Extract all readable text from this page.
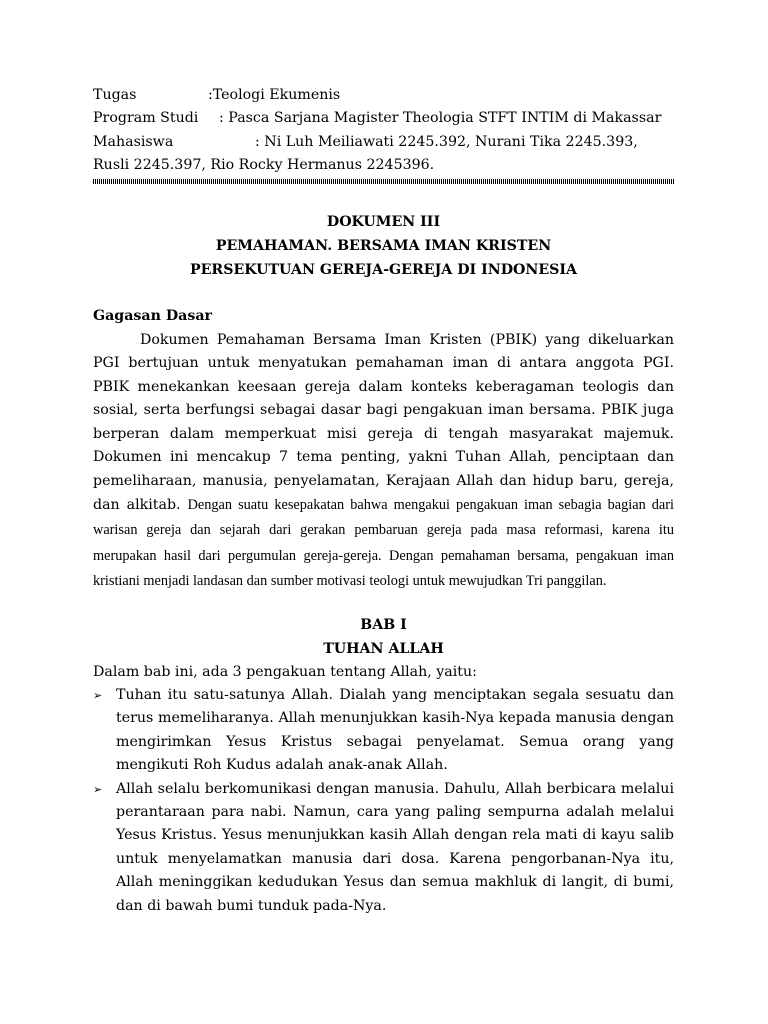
Tugas	:Teologi Ekumenis
Program Studi : Pasca Sarjana Magister Theologia STFT INTIM di Makassar
Mahasiswa	: Ni Luh Meiliawati 2245.392, Nurani Tika 2245.393,
Rusli 2245.397, Rio Rocky Hermanus 2245396.
DOKUMEN III
PEMAHAMAN. BERSAMA IMAN KRISTEN
PERSEKUTUAN GEREJA-GEREJA DI INDONESIA
Gagasan Dasar

Dokumen Pemahaman Bersama Iman Kristen (PBIK) yang dikeluarkan PGI bertujuan untuk menyatukan pemahaman iman di antara anggota PGI. PBIK menekankan keesaan gereja dalam konteks keberagaman teologis dan sosial, serta berfungsi sebagai dasar bagi pengakuan iman bersama. PBIK juga berperan dalam memperkuat misi gereja di tengah masyarakat majemuk. Dokumen ini mencakup 7 tema penting, yakni Tuhan Allah, penciptaan dan pemeliharaan, manusia, penyelamatan, Kerajaan Allah dan hidup baru, gereja, dan alkitab. Dengan suatu kesepakatan bahwa mengakui pengakuan iman sebagia bagian dari warisan gereja dan sejarah dari gerakan pembaruan gereja pada masa reformasi, karena itu merupakan hasil dari pergumulan gereja-gereja. Dengan pemahaman bersama, pengakuan iman kristiani menjadi landasan dan sumber motivasi teologi untuk mewujudkan Tri panggilan.

BAB I
TUHAN ALLAH
Dalam bab ini, ada 3 pengakuan tentang Allah, yaitu:
➢ Tuhan itu satu-satunya Allah. Dialah yang menciptakan segala sesuatu dan terus memeliharanya. Allah menunjukkan kasih-Nya kepada manusia dengan mengirimkan Yesus Kristus sebagai penyelamat. Semua orang yang mengikuti Roh Kudus adalah anak-anak Allah.
➢ Allah selalu berkomunikasi dengan manusia. Dahulu, Allah berbicara melalui perantaraan para nabi. Namun, cara yang paling sempurna adalah melalui Yesus Kristus. Yesus menunjukkan kasih Allah dengan rela mati di kayu salib untuk menyelamatkan manusia dari dosa. Karena pengorbanan-Nya itu, Allah meninggikan kedudukan Yesus dan semua makhluk di langit, di bumi, dan di bawah bumi tunduk pada-Nya.
